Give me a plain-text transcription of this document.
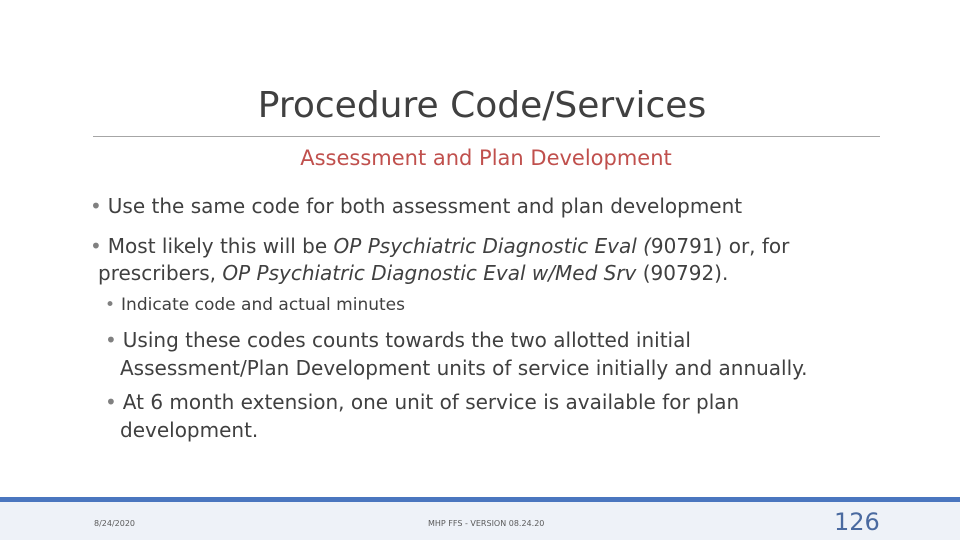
Procedure Code/Services
Assessment and Plan Development
• Use the same code for both assessment and plan development
• Most likely this will be OP Psychiatric Diagnostic Eval (90791) or, for
prescribers, OP Psychiatric Diagnostic Eval w/Med Srv (90792).
• Indicate code and actual minutes
• Using these codes counts towards the two allotted initial
Assessment/Plan Development units of service initially and annually.
• At 6 month extension, one unit of service is available for plan
development.
8/24/2020	MHP FFS - VERSION 08.24.20	126
